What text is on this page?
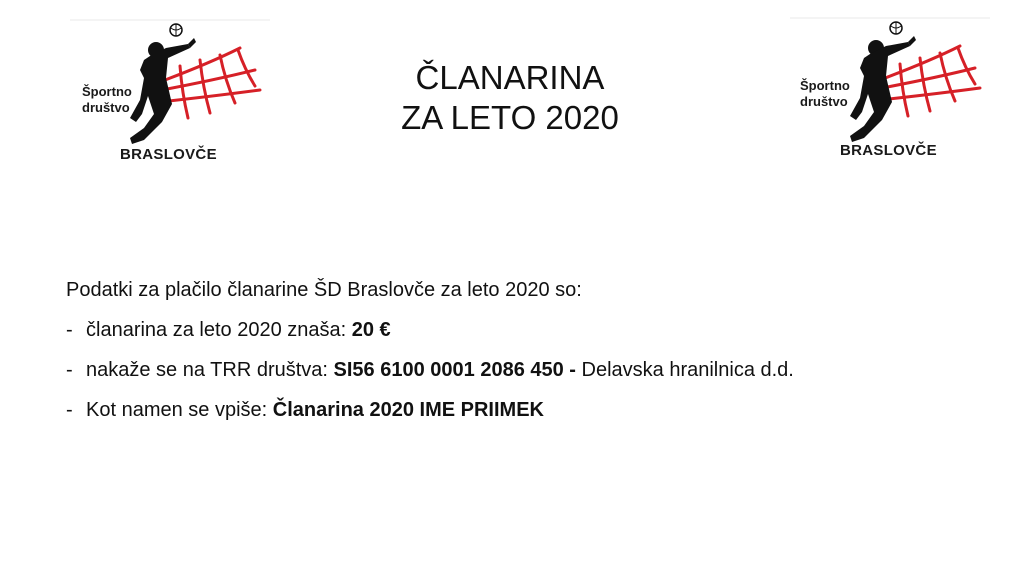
Športno
društvo
BRASLOVČE
ČLANARINA
ZA LETO 2020
Športno
društvo
BRASLOVČE
Podatki za plačilo članarine ŠD Braslovče za leto 2020 so:
- članarina za leto 2020 znaša: 20 €
- nakaže se na TRR društva: SI56 6100 0001 2086 450 - Delavska hranilnica d.d.
- Kot namen se vpiše: Članarina 2020 IME PRIIMEK
